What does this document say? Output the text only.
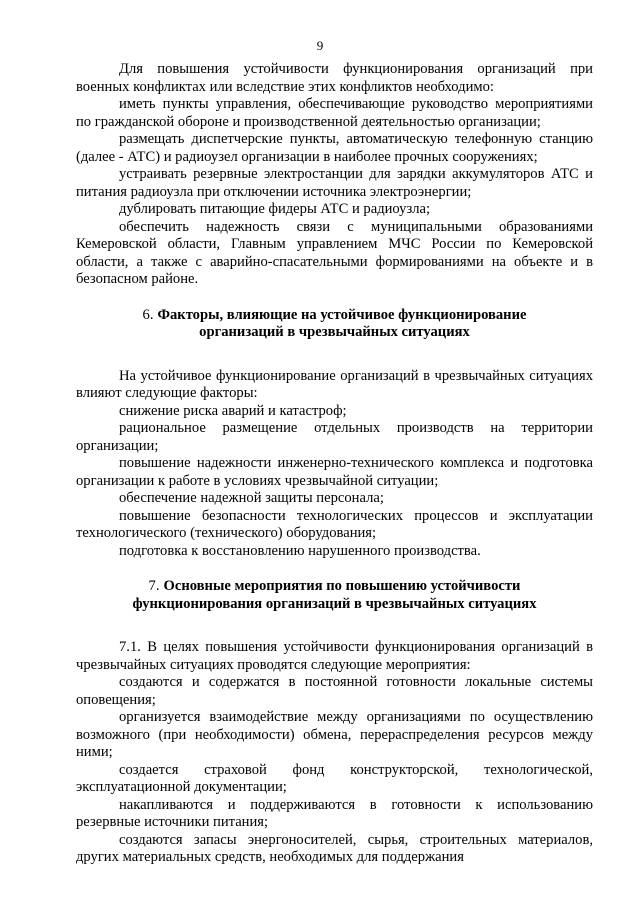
9

Для повышения устойчивости функционирования организаций при военных конфликтах или вследствие этих конфликтов необходимо:

иметь пункты управления, обеспечивающие руководство мероприятиями по гражданской обороне и производственной деятельностью организации;

размещать диспетчерские пункты, автоматическую телефонную станцию (далее - АТС) и радиоузел организации в наиболее прочных сооружениях;

устраивать резервные электростанции для зарядки аккумуляторов АТС и питания радиоузла при отключении источника электроэнергии;

дублировать питающие фидеры АТС и радиоузла;

обеспечить надежность связи с муниципальными образованиями Кемеровской области, Главным управлением МЧС России по Кемеровской области, а также с аварийно-спасательными формированиями на объекте и в безопасном районе.

6. Факторы, влияющие на устойчивое функционирование
организаций в чрезвычайных ситуациях

На устойчивое функционирование организаций в чрезвычайных ситуациях влияют следующие факторы:

снижение риска аварий и катастроф;

рациональное размещение отдельных производств на территории организации;

повышение надежности инженерно-технического комплекса и подготовка организации к работе в условиях чрезвычайной ситуации;

обеспечение надежной защиты персонала;

повышение безопасности технологических процессов и эксплуатации технологического (технического) оборудования;

подготовка к восстановлению нарушенного производства.

7. Основные мероприятия по повышению устойчивости
функционирования организаций в чрезвычайных ситуациях

7.1. В целях повышения устойчивости функционирования организаций в чрезвычайных ситуациях проводятся следующие мероприятия:

создаются и содержатся в постоянной готовности локальные системы оповещения;

организуется взаимодействие между организациями по осуществлению возможного (при необходимости) обмена, перераспределения ресурсов между ними;

создается страховой фонд конструкторской, технологической, эксплуатационной документации;

накапливаются и поддерживаются в готовности к использованию резервные источники питания;

создаются запасы энергоносителей, сырья, строительных материалов, других материальных средств, необходимых для поддержания
